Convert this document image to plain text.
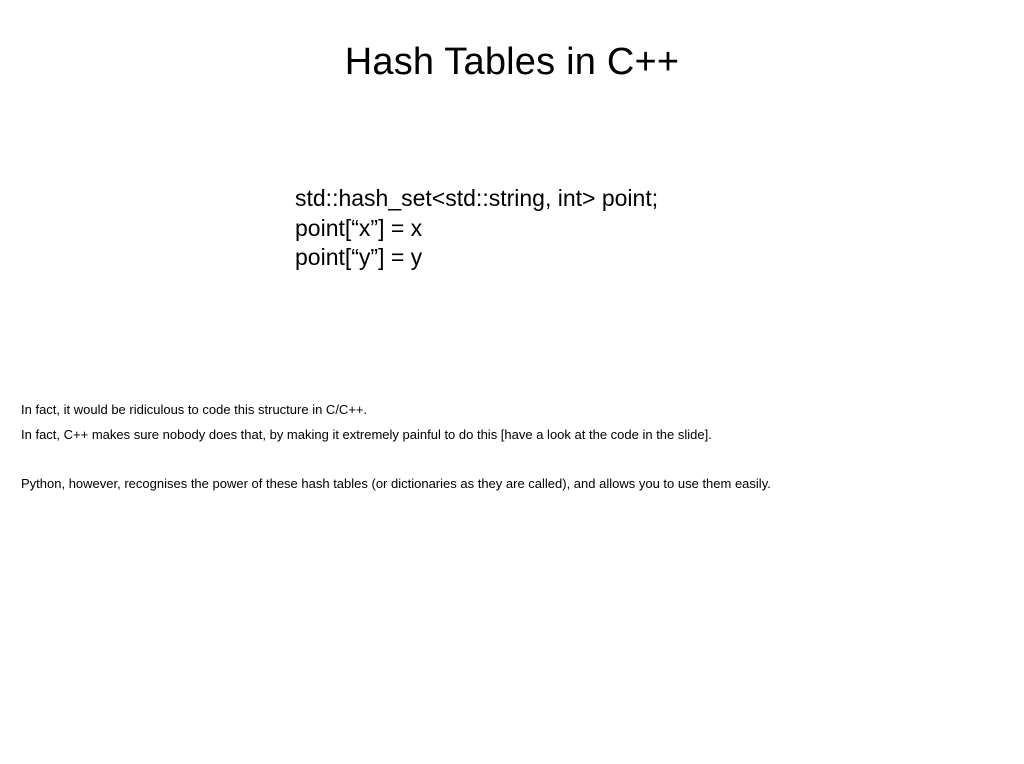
Hash Tables in C++
std::hash_set<std::string, int> point;
point[“x”] = x
point[“y”] = y
In fact, it would be ridiculous to code this structure in C/C++.
In fact, C++ makes sure nobody does that, by making it extremely painful to do this [have a look at the code in the slide].
Python, however, recognises the power of these hash tables (or dictionaries as they are called), and allows you to use them easily.
